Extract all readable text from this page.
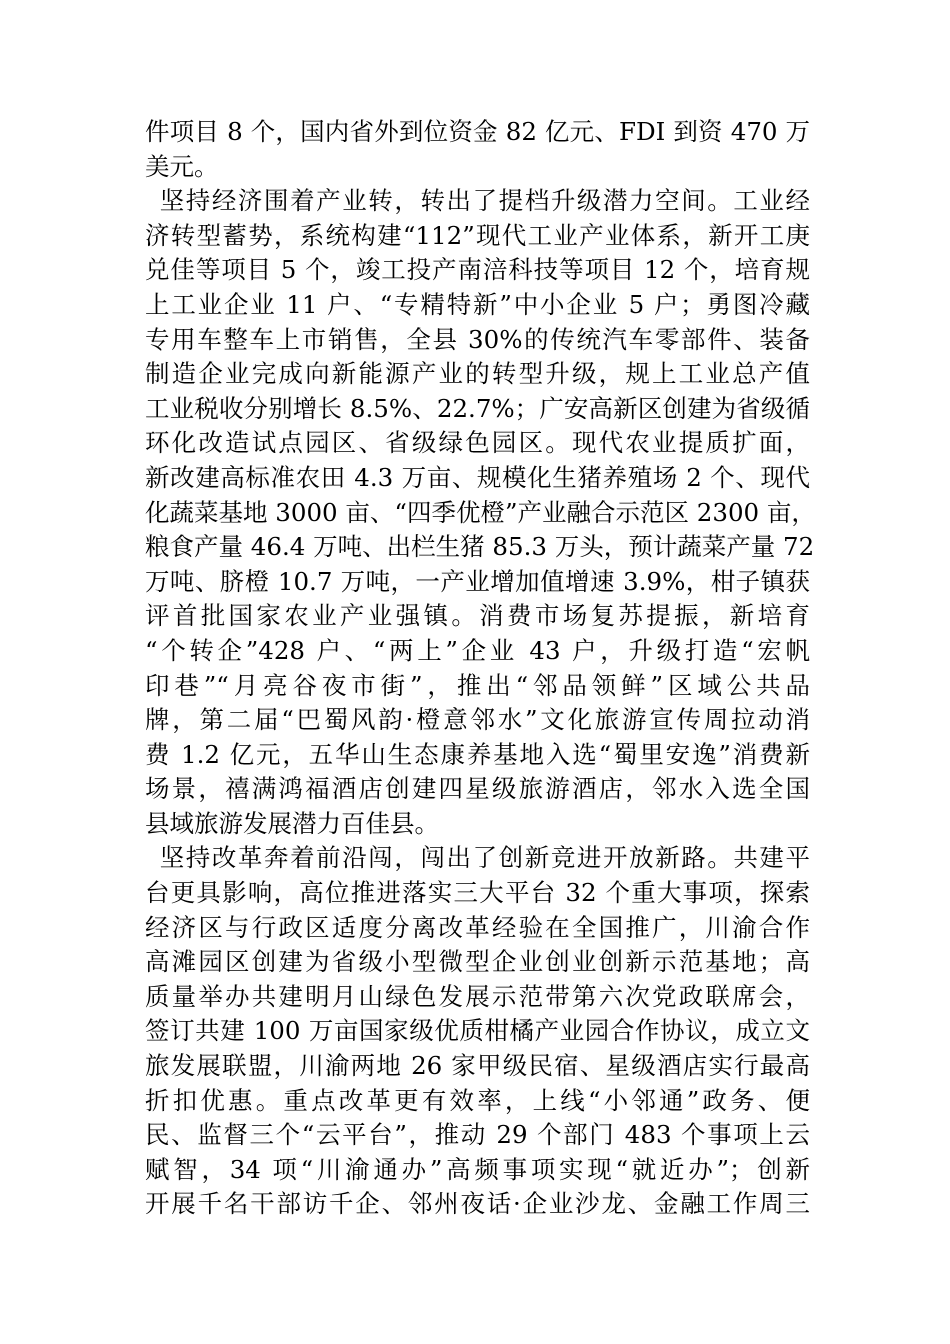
件项目 8 个，国内省外到位资金 82 亿元、FDI 到资 470 万
美元。
坚持经济围着产业转，转出了提档升级潜力空间。工业经
济转型蓄势，系统构建“112”现代工业产业体系，新开工庚
兑佳等项目 5 个，竣工投产南涪科技等项目 12 个，培育规
上工业企业 11 户、“专精特新”中小企业 5 户；勇图冷藏
专用车整车上市销售，全县 30%的传统汽车零部件、装备
制造企业完成向新能源产业的转型升级，规上工业总产值
工业税收分别增长 8.5%、22.7%；广安高新区创建为省级循
环化改造试点园区、省级绿色园区。现代农业提质扩面，
新改建高标准农田 4.3 万亩、规模化生猪养殖场 2 个、现代
化蔬菜基地 3000 亩、“四季优橙”产业融合示范区 2300 亩，
粮食产量 46.4 万吨、出栏生猪 85.3 万头，预计蔬菜产量 72
万吨、脐橙 10.7 万吨，一产业增加值增速 3.9%，柑子镇获
评首批国家农业产业强镇。消费市场复苏提振，新培育
“个转企”428 户、“两上”企业 43 户，升级打造“宏帆
印巷”“月亮谷夜市街”，推出“邻品领鲜”区域公共品
牌，第二届“巴蜀风韵·橙意邻水”文化旅游宣传周拉动消
费 1.2 亿元，五华山生态康养基地入选“蜀里安逸”消费新
场景，禧满鸿福酒店创建四星级旅游酒店，邻水入选全国
县域旅游发展潜力百佳县。
坚持改革奔着前沿闯，闯出了创新竞进开放新路。共建平
台更具影响，高位推进落实三大平台 32 个重大事项，探索
经济区与行政区适度分离改革经验在全国推广，川渝合作
高滩园区创建为省级小型微型企业创业创新示范基地；高
质量举办共建明月山绿色发展示范带第六次党政联席会，
签订共建 100 万亩国家级优质柑橘产业园合作协议，成立文
旅发展联盟，川渝两地 26 家甲级民宿、星级酒店实行最高
折扣优惠。重点改革更有效率，上线“小邻通”政务、便
民、监督三个“云平台”，推动 29 个部门 483 个事项上云
赋智，34 项“川渝通办”高频事项实现“就近办”；创新
开展千名干部访千企、邻州夜话·企业沙龙、金融工作周三
